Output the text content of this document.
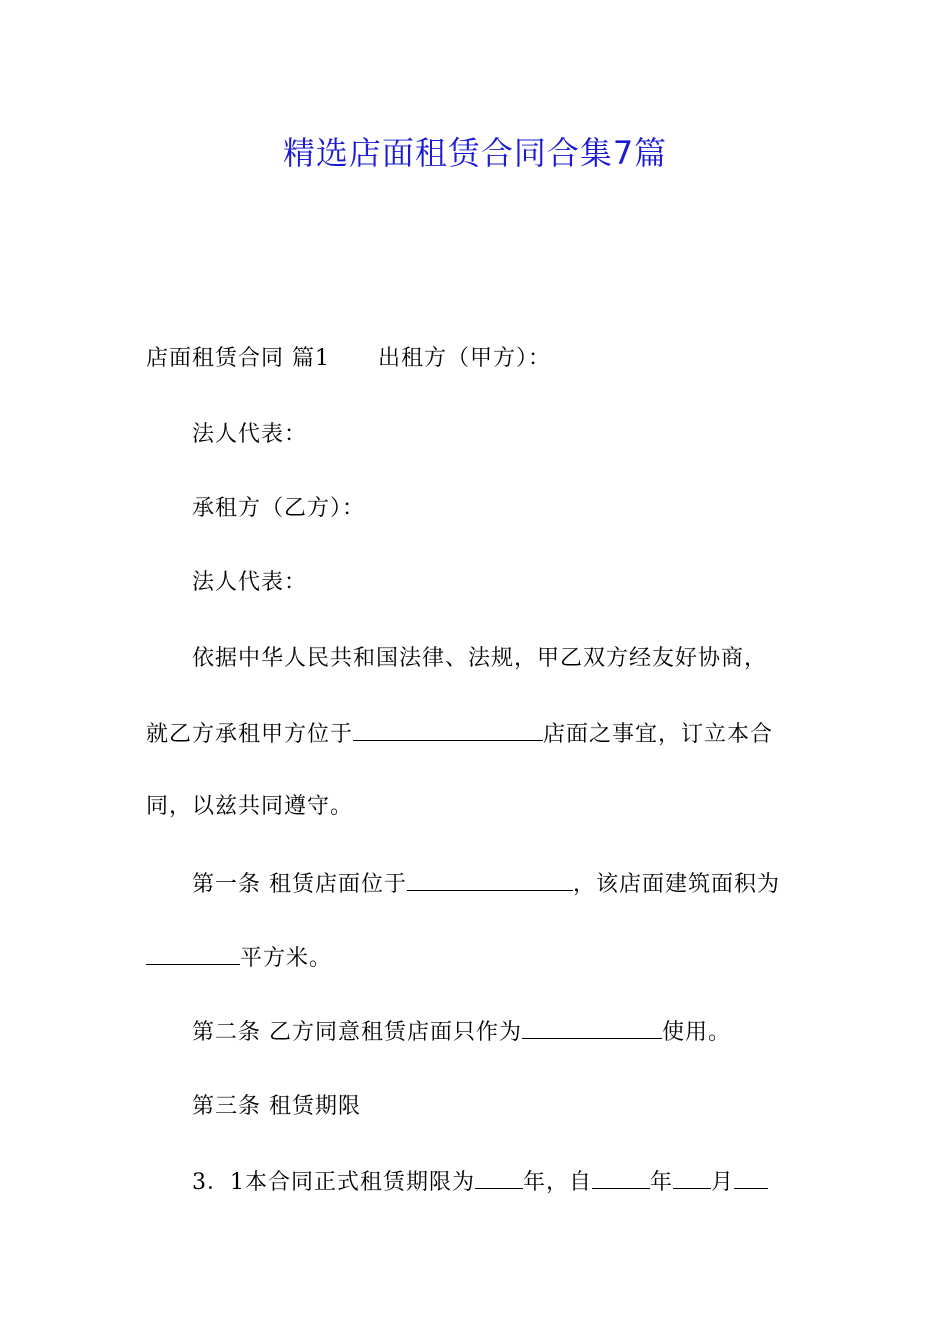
精选店面租赁合同合集7篇
店面租赁合同 篇1 出租方（甲方）：
法人代表：
承租方（乙方）：
法人代表：
依据中华人民共和国法律、法规，甲乙双方经友好协商，
就乙方承租甲方位于	店面之事宜，订立本合
同，以兹共同遵守。
第一条 租赁店面位于	，该店面建筑面积为
平方米。
第二条 乙方同意租赁店面只作为	使用。
第三条 租赁期限
3．1本合同正式租赁期限为 年，自	年 月
